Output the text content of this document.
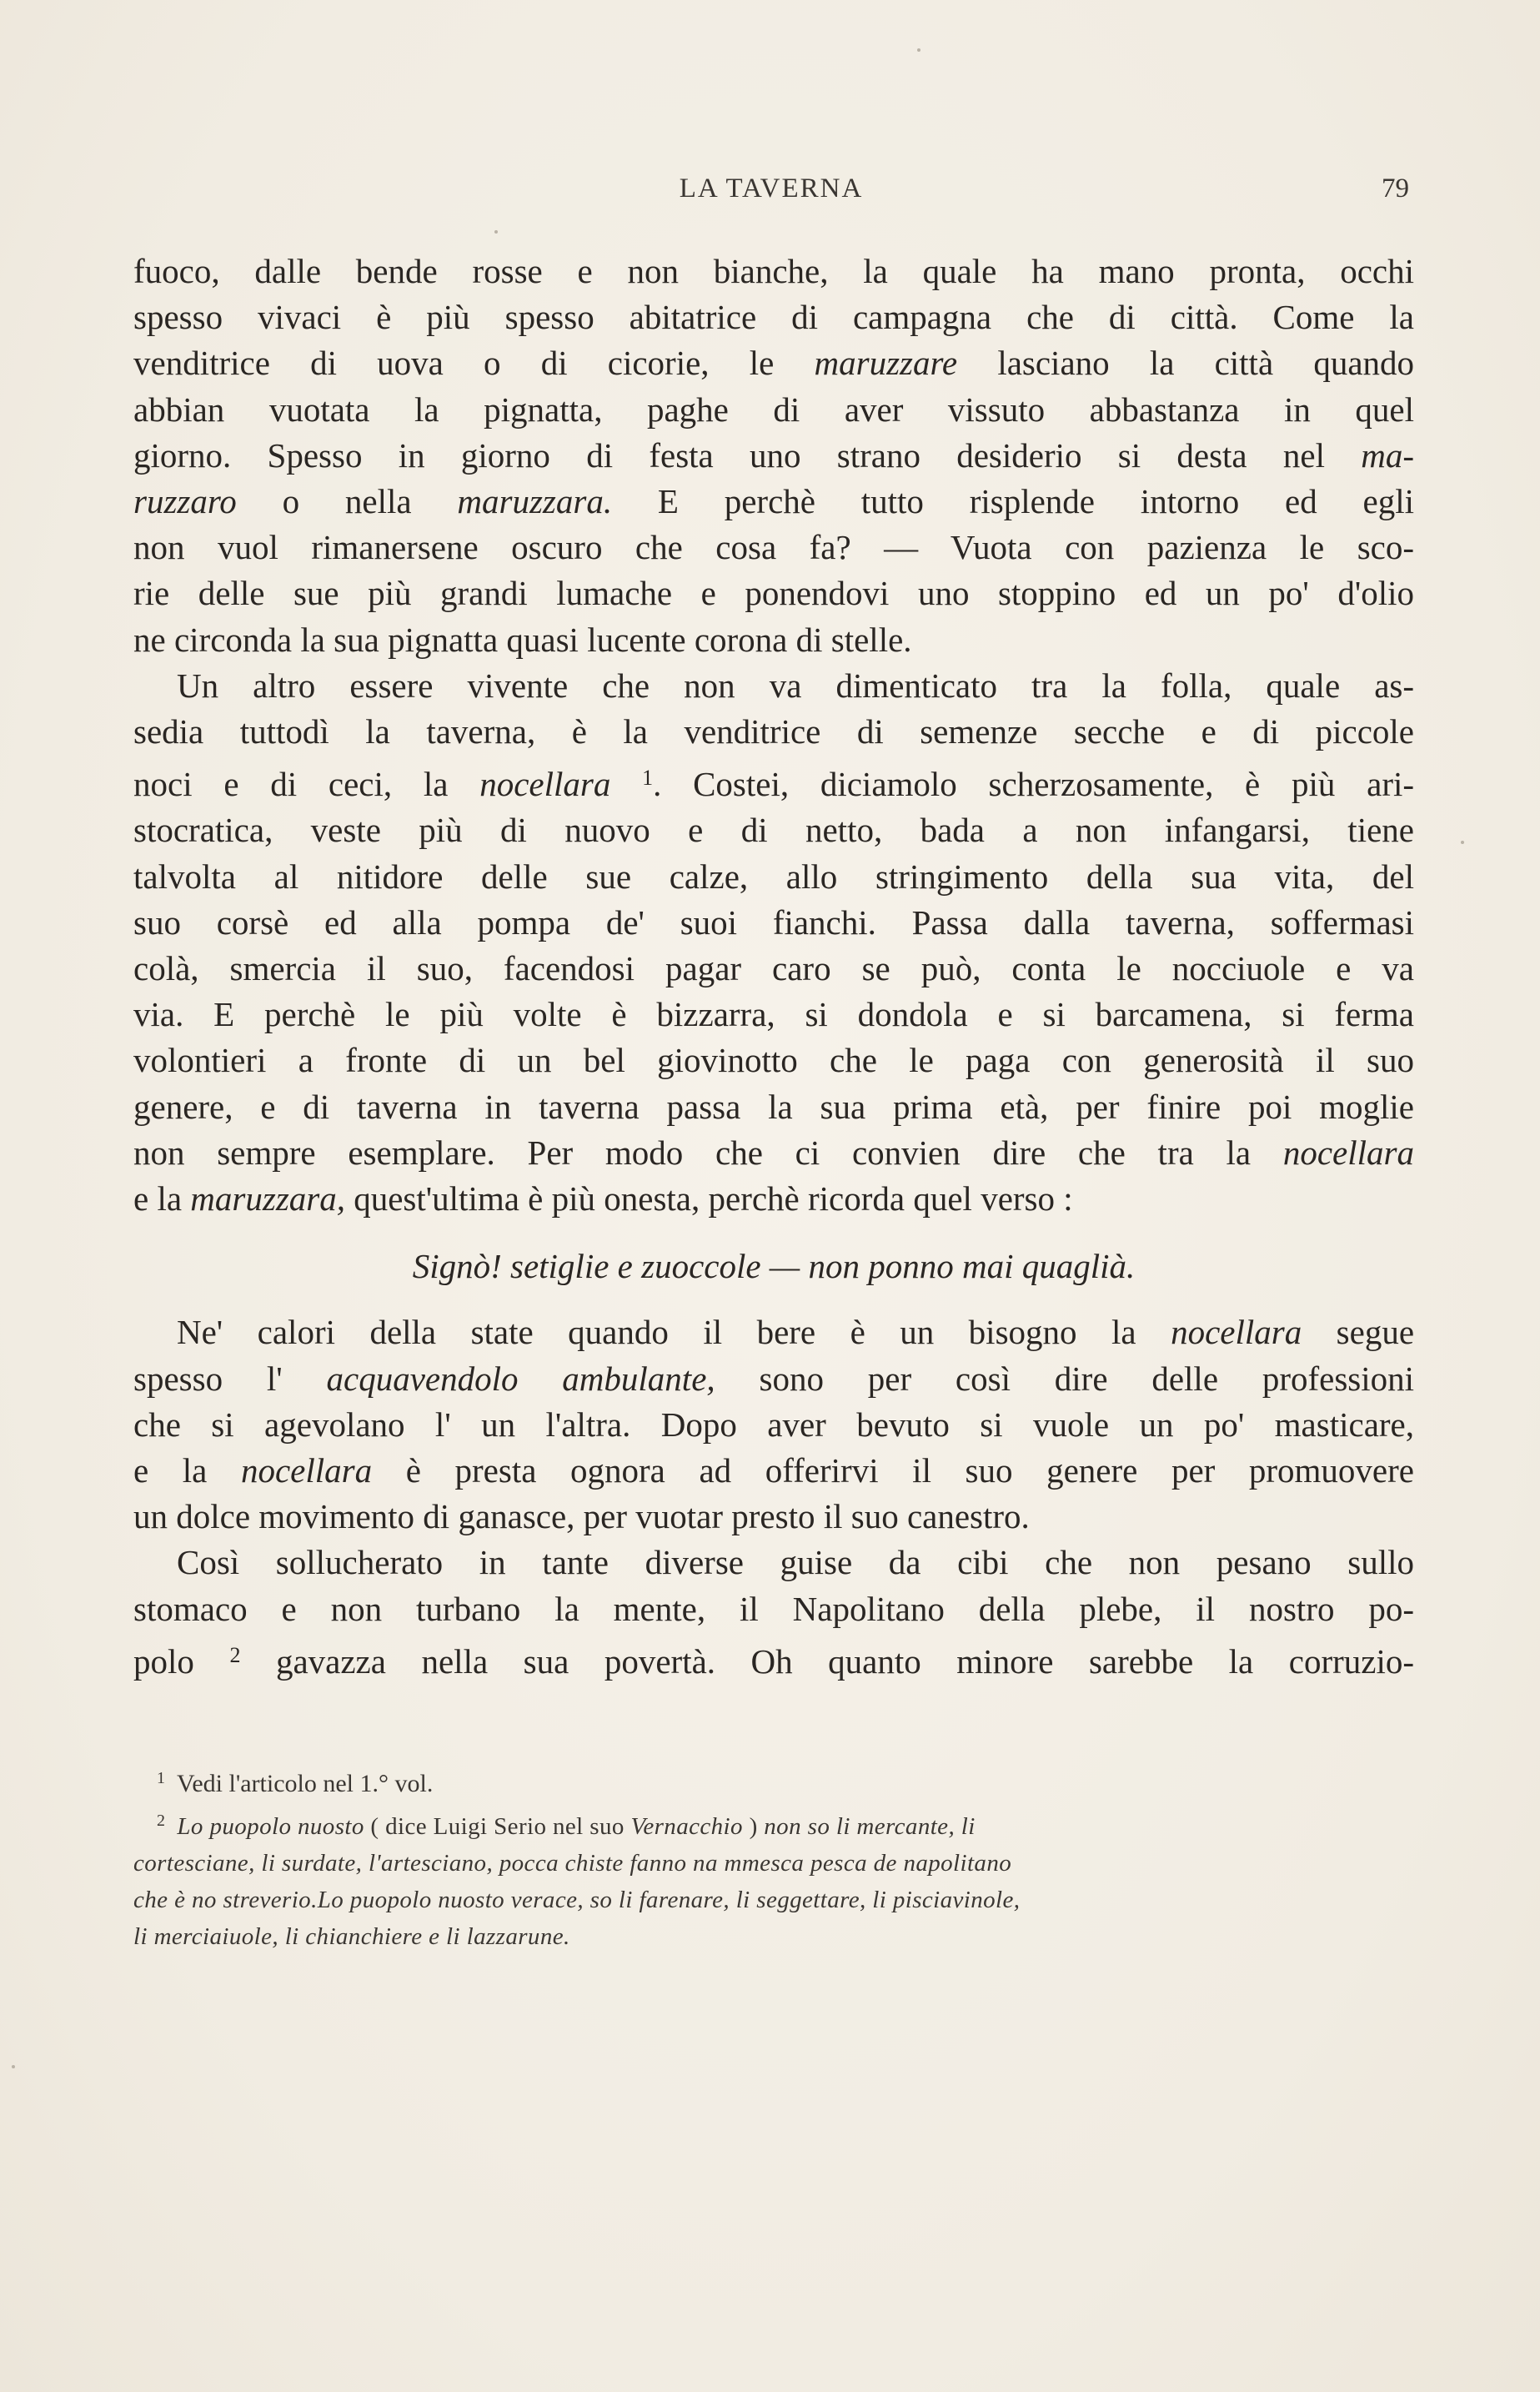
LA TAVERNA	79
fuoco, dalle bende rosse e non bianche, la quale ha mano pronta, occhi
spesso vivaci è più spesso abitatrice di campagna che di città. Come la
venditrice di uova o di cicorie, le maruzzare lasciano la città quando
abbian vuotata la pignatta, paghe di aver vissuto abbastanza in quel
giorno. Spesso in giorno di festa uno strano desiderio si desta nel ma-
ruzzaro o nella maruzzara. E perchè tutto risplende intorno ed egli
non vuol rimanersene oscuro che cosa fa? — Vuota con pazienza le sco-
rie delle sue più grandi lumache e ponendovi uno stoppino ed un po' d'olio
ne circonda la sua pignatta quasi lucente corona di stelle.
Un altro essere vivente che non va dimenticato tra la folla, quale as-
sedia tuttodì la taverna, è la venditrice di semenze secche e di piccole
noci e di ceci, la nocellara $^1$. Costei, diciamolo scherzosamente, è più ari-
stocratica, veste più di nuovo e di netto, bada a non infangarsi, tiene
talvolta al nitidore delle sue calze, allo stringimento della sua vita, del
suo corsè ed alla pompa de' suoi fianchi. Passa dalla taverna, soffermasi
colà, smercia il suo, facendosi pagar caro se può, conta le nocciuole e va
via. E perchè le più volte è bizzarra, si dondola e si barcamena, si ferma
volontieri a fronte di un bel giovinotto che le paga con generosità il suo
genere, e di taverna in taverna passa la sua prima età, per finire poi moglie
non sempre esemplare. Per modo che ci convien dire che tra la nocellara
e la maruzzara, quest'ultima è più onesta, perchè ricorda quel verso :
Signò! setiglie e zuoccole — non ponno mai quaglià.
Ne' calori della state quando il bere è un bisogno la nocellara segue
spesso l' acquavendolo ambulante, sono per così dire delle professioni
che si agevolano l' un l'altra. Dopo aver bevuto si vuole un po' masticare,
e la nocellara è presta ognora ad offerirvi il suo genere per promuovere
un dolce movimento di ganasce, per vuotar presto il suo canestro.
Così sollucherato in tante diverse guise da cibi che non pesano sullo
stomaco e non turbano la mente, il Napolitano della plebe, il nostro po-
polo $^2$ gavazza nella sua povertà. Oh quanto minore sarebbe la corruzio-
$^1$ Vedi l'articolo nel 1.° vol.
$^2$ Lo puopolo nuosto ( dice Luigi Serio nel suo Vernacchio ) non so li mercante, li
cortesciane, li surdate, l'artesciano, pocca chiste fanno na mmesca pesca de napolitano
che è no streverio.Lo puopolo nuosto verace, so li farenare, li seggettare, li pisciavinole,
li merciaiuole, li chianchiere e li lazzarune.
